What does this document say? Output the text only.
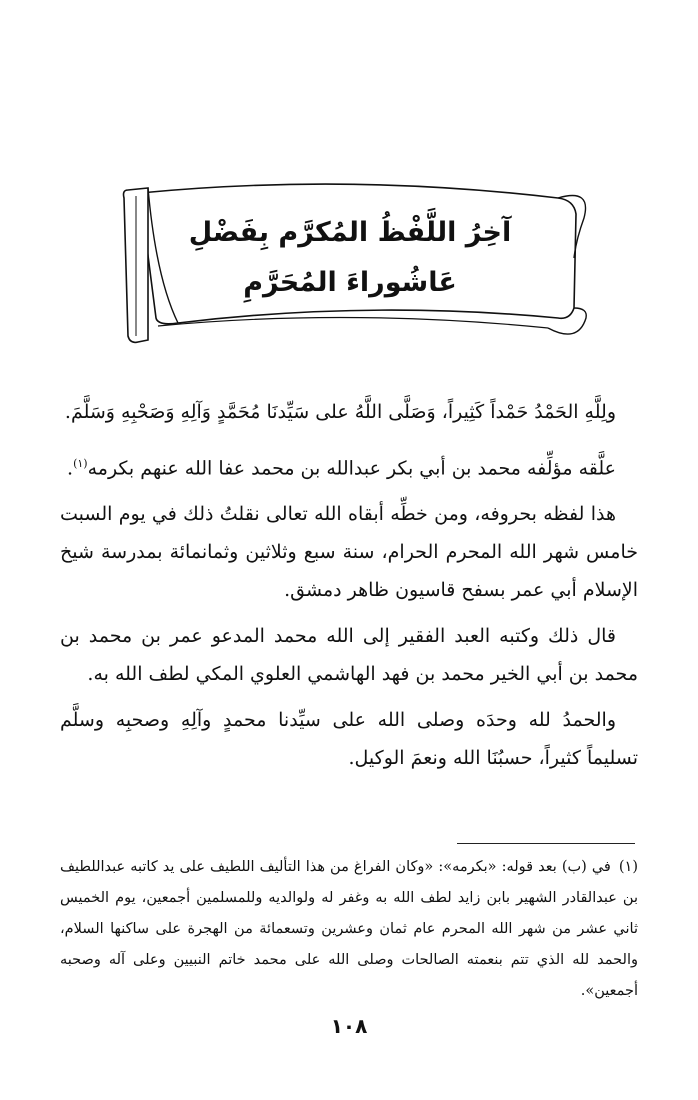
آخِرُ اللَّفْظُ المُكرَّم بِفَضْلِ
عَاشُوراءَ المُحَرَّمِ

ولِلَّهِ الحَمْدُ حَمْداً كَثِيراً، وَصَلَّى اللَّهُ على سَيِّدنَا مُحَمَّدٍ وَآلِهِ وَصَحْبِهِ وَسَلَّمَ.

علَّقه مؤلِّفه محمد بن أبي بكر عبدالله بن محمد عفا الله عنهم بكرمه$^{(١)}$.

هذا لفظه بحروفه، ومن خطِّه أبقاه الله تعالى نقلتُ ذلك في يوم السبت خامس شهر الله المحرم الحرام، سنة سبع وثلاثين وثمانمائة بمدرسة شيخ الإسلام أبي عمر بسفح قاسيون ظاهر دمشق.

قال ذلك وكتبه العبد الفقير إلى الله محمد المدعو عمر بن محمد بن محمد بن أبي الخير محمد بن فهد الهاشمي العلوي المكي لطف الله به.

والحمدُ لله وحدَه وصلى الله على سيِّدنا محمدٍ وآلِهِ وصحبِه وسلَّم تسليماً كثيراً، حسبُنَا الله ونعمَ الوكيل.

(١)في (ب) بعد قوله: «بكرمه»: «وكان الفراغ من هذا التأليف اللطيف على يد كاتبه عبداللطيف بن عبدالقادر الشهير بابن زايد لطف الله به وغفر له ولوالديه وللمسلمين أجمعين، يوم الخميس ثاني عشر من شهر الله المحرم عام ثمان وعشرين وتسعمائة من الهجرة على ساكنها السلام، والحمد لله الذي تتم بنعمته الصالحات وصلى الله على محمد خاتم النبيين وعلى آله وصحبه أجمعين».
١٠٨
